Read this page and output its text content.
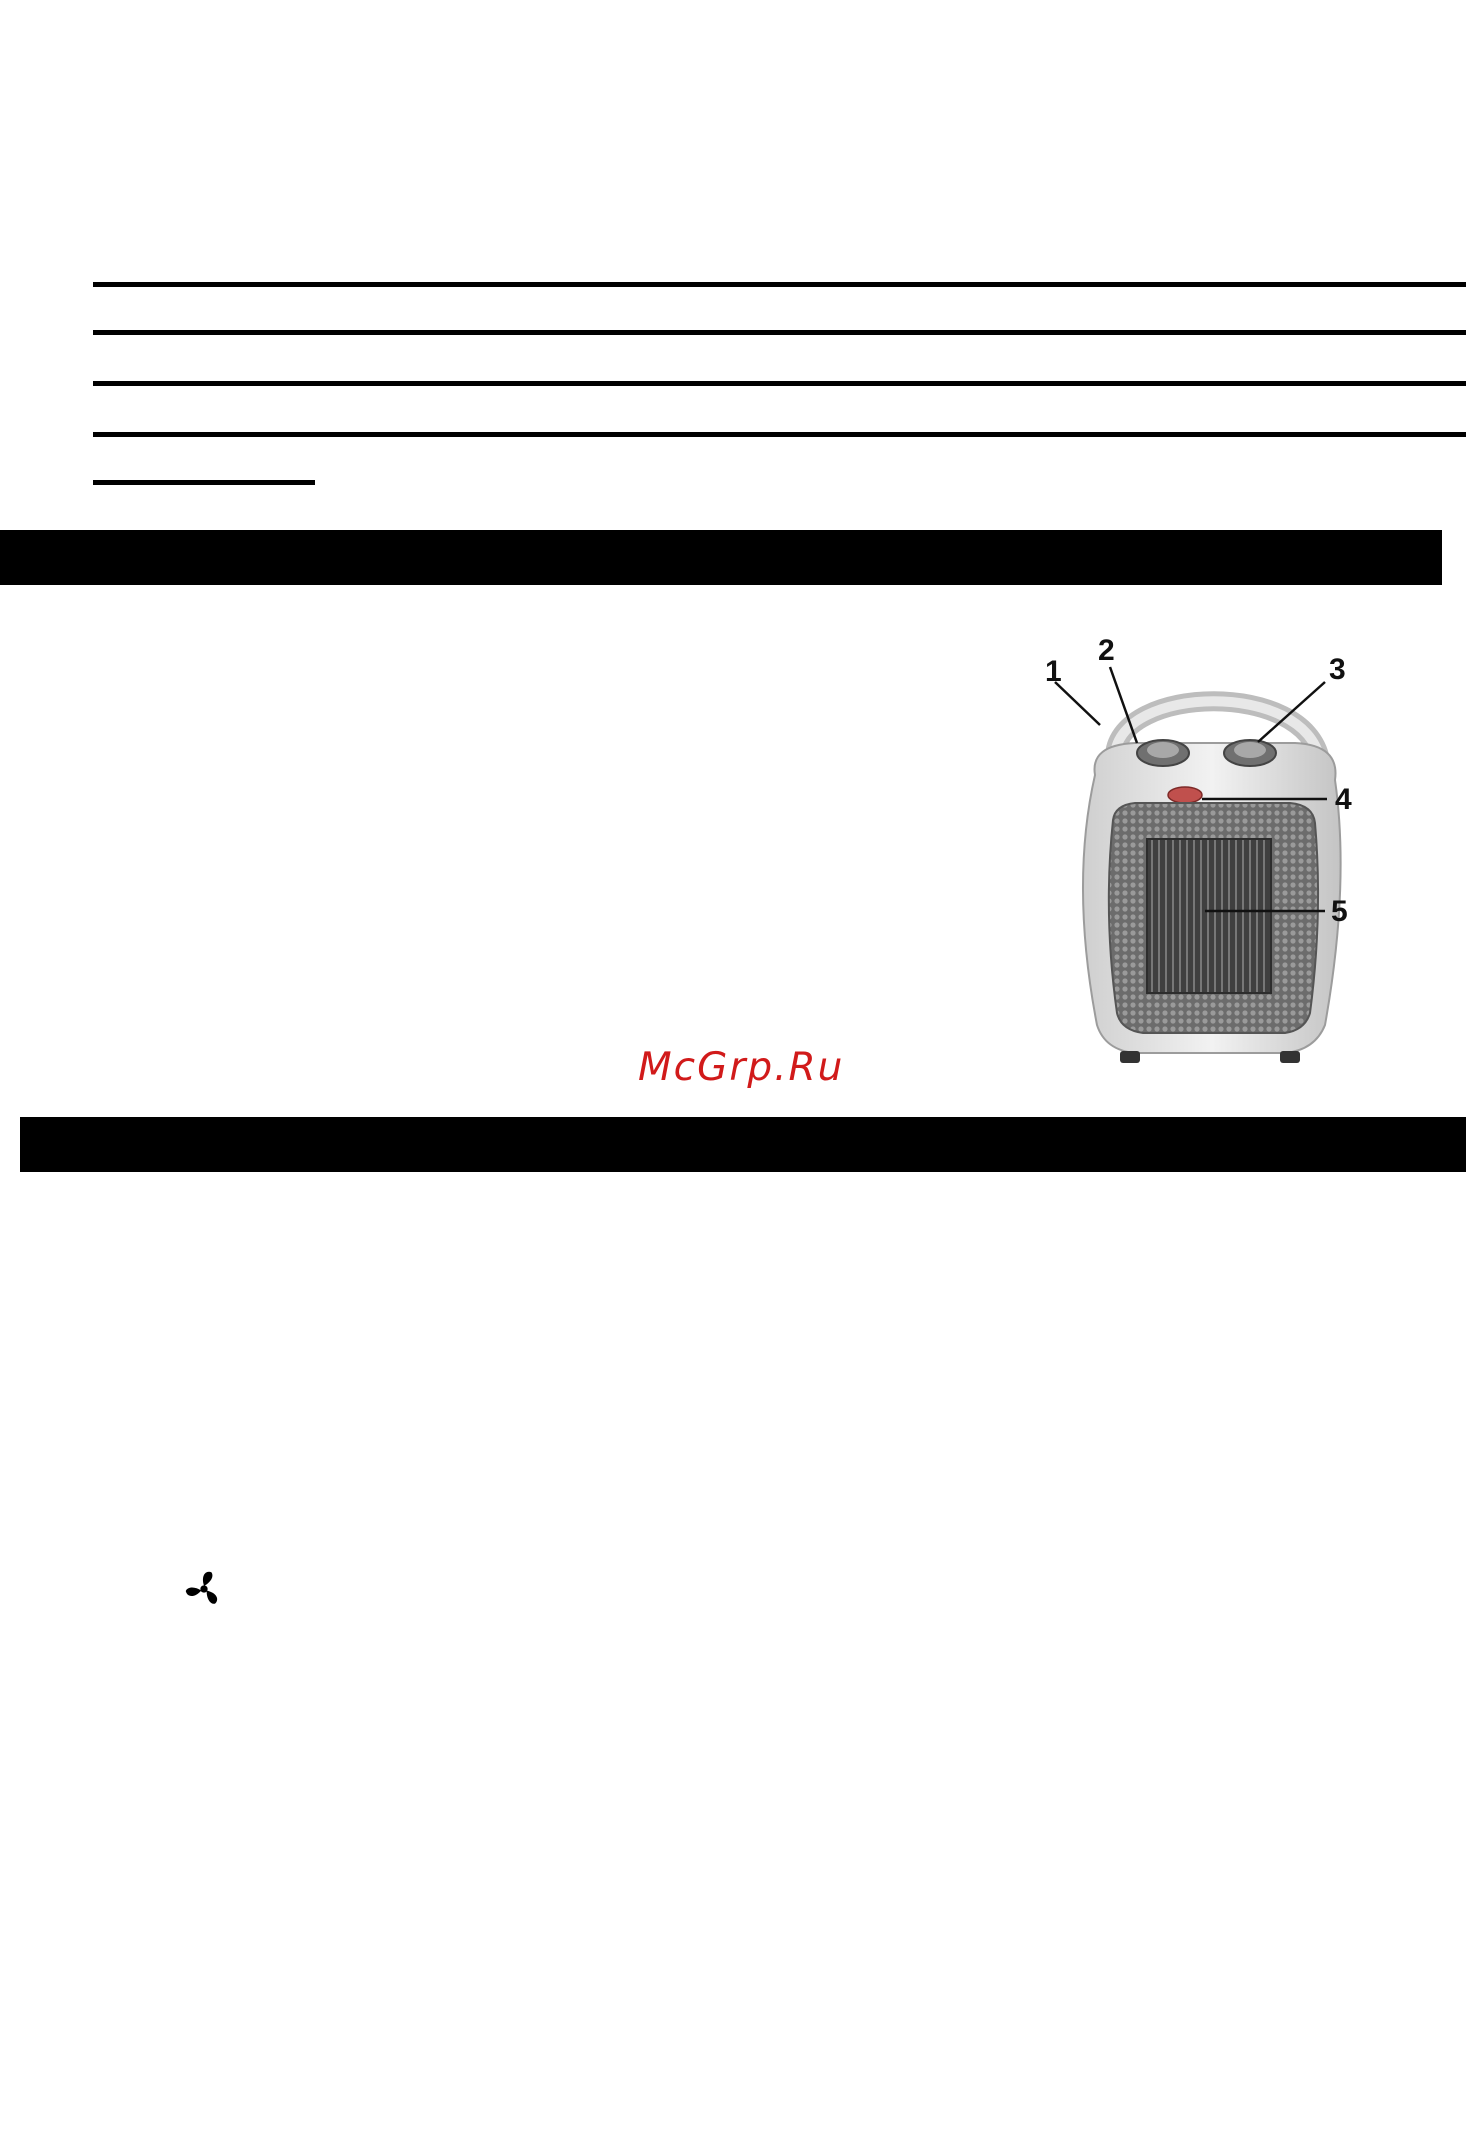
1
2
3
4
5
McGrp.Ru
